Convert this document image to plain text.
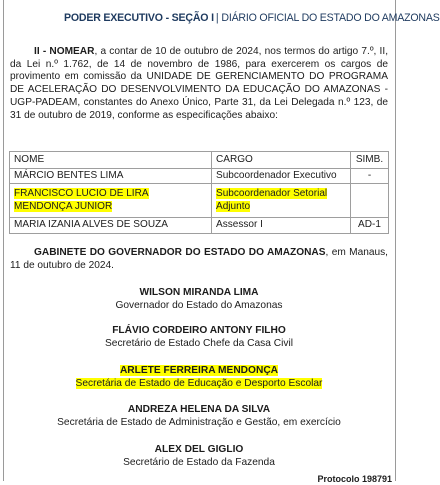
PODER EXECUTIVO - SEÇÃO I | DIÁRIO OFICIAL DO ESTADO DO AMAZONAS
II - NOMEAR, a contar de 10 de outubro de 2024, nos termos do artigo 7.º, II, da Lei n.º 1.762, de 14 de novembro de 1986, para exercerem os cargos de provimento em comissão da UNIDADE DE GERENCIAMENTO DO PROGRAMA DE ACELERAÇÃO DO DESENVOLVIMENTO DA EDUCAÇÃO DO AMAZONAS - UGP-PADEAM, constantes do Anexo Único, Parte 31, da Lei Delegada n.º 123, de 31 de outubro de 2019, conforme as especificações abaixo:
NOME	CARGO	SIMB.
MÁRCIO BENTES LIMA	Subcoordenador Executivo	-
FRANCISCO LUCIO DE LIRA MENDONÇA JUNIOR	Subcoordenador Setorial Adjunto	
MARIA IZANIA ALVES DE SOUZA	Assessor I	AD-1
GABINETE DO GOVERNADOR DO ESTADO DO AMAZONAS, em Manaus, 11 de outubro de 2024.
WILSON MIRANDA LIMA
Governador do Estado do Amazonas
FLÁVIO CORDEIRO ANTONY FILHO
Secretário de Estado Chefe da Casa Civil
ARLETE FERREIRA MENDONÇA
Secretária de Estado de Educação e Desporto Escolar
ANDREZA HELENA DA SILVA
Secretária de Estado de Administração e Gestão, em exercício
ALEX DEL GIGLIO
Secretário de Estado da Fazenda
Protocolo 198791
